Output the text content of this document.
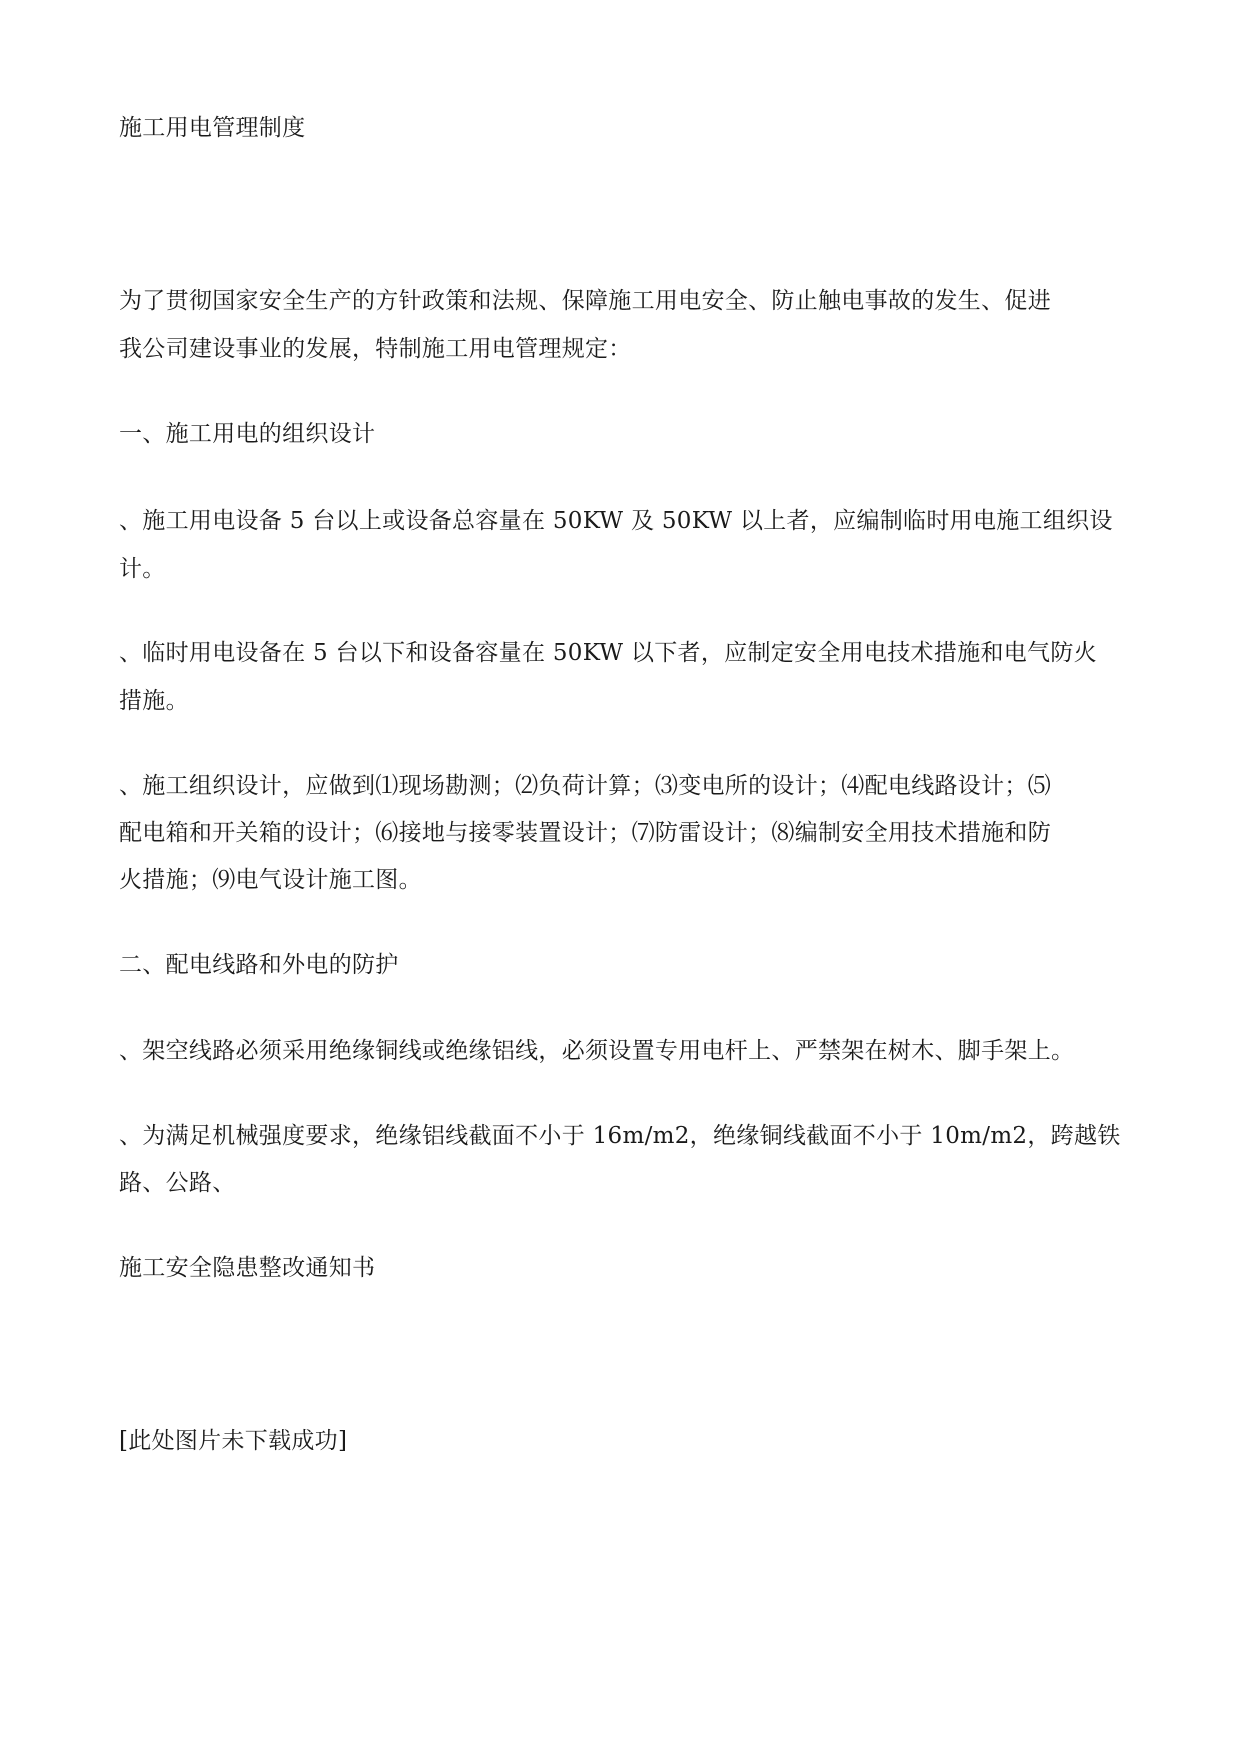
施工用电管理制度
为了贯彻国家安全生产的方针政策和法规、保障施工用电安全、防止触电事故的发生、促进
我公司建设事业的发展，特制施工用电管理规定：
一、施工用电的组织设计
、施工用电设备 5 台以上或设备总容量在 50KW 及 50KW 以上者，应编制临时用电施工组织设
计。
、临时用电设备在 5 台以下和设备容量在 50KW 以下者，应制定安全用电技术措施和电气防火
措施。
、施工组织设计，应做到⑴现场勘测；⑵负荷计算；⑶变电所的设计；⑷配电线路设计；⑸
配电箱和开关箱的设计；⑹接地与接零装置设计；⑺防雷设计；⑻编制安全用技术措施和防
火措施；⑼电气设计施工图。
二、配电线路和外电的防护
、架空线路必须采用绝缘铜线或绝缘铝线，必须设置专用电杆上、严禁架在树木、脚手架上。
、为满足机械强度要求，绝缘铝线截面不小于 16m/m2，绝缘铜线截面不小于 10m/m2，跨越铁
路、公路、
施工安全隐患整改通知书
[此处图片未下载成功]
